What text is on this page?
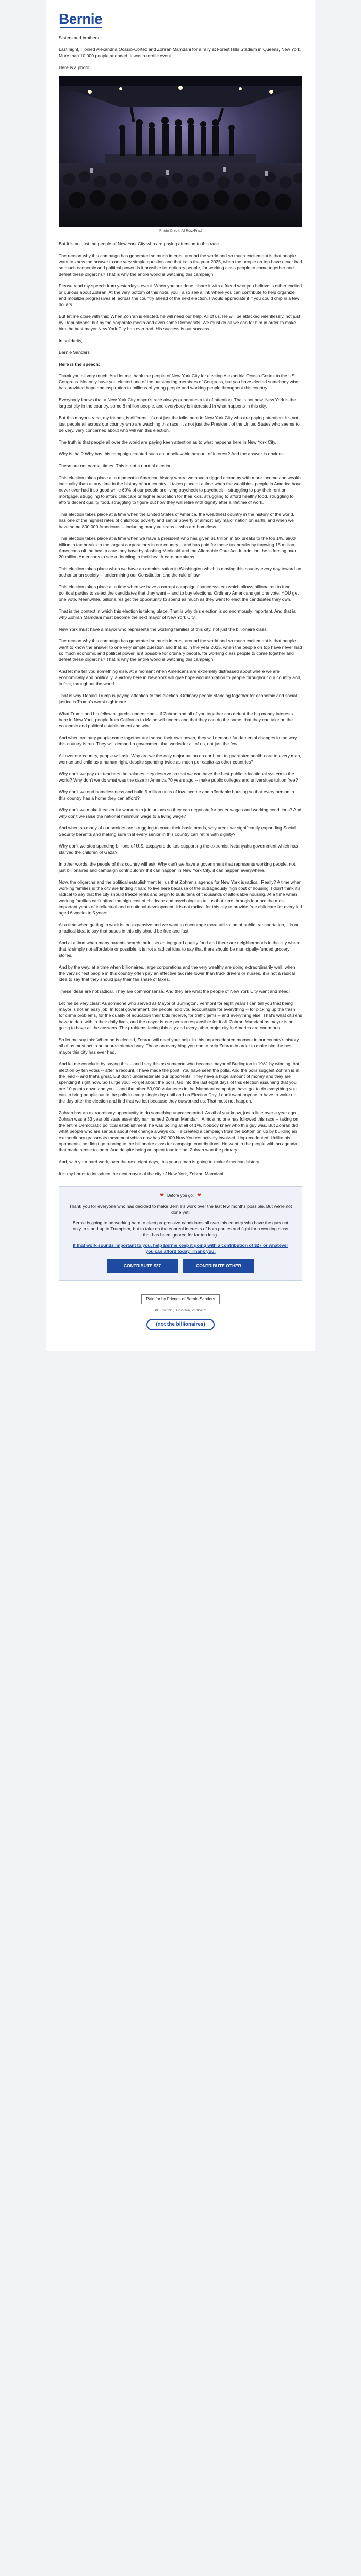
Bernie

Sisters and brothers -

Last night, I joined Alexandria Ocasio-Cortez and Zohran Mamdani for a rally at Forest Hills Stadium in Queens, New York. More than 10,000 people attended. It was a terrific event.

Here is a photo:

Photo Credit: AI Ruiz-Frad

But it is not just the people of New York City who are paying attention to this race.

The reason why this campaign has generated so much interest around the world and so much excitement is that people want to know the answer to one very simple question and that is: In the year 2025, when the people on top have never had so much economic and political power, is it possible for ordinary people, for working class people to come together and defeat these oligarchs? That is why the entire world is watching this campaign.

Please read my speech from yesterday's event. When you are done, share it with a friend who you believe is either excited or curious about Zohran. At the very bottom of this note, you'll also see a link where you can contribute to help organize and mobilize progressives all across the country ahead of the next election. I would appreciate it if you could chip in a few dollars.

But let me close with this: When Zohran is elected, he will need our help. All of us. He will be attacked relentlessly, not just by Republicans, but by the corporate media and even some Democrats. We must do all we can for him in order to make him the best mayor New York City has ever had. His success is our success.

In solidarity,

Bernie Sanders

Here is the speech:

Thank you all very much. And let me thank the people of New York City for electing Alexandria Ocasio-Cortez to the US Congress. Not only have you elected one of the outstanding members of Congress, but you have elected somebody who has provided hope and inspiration to millions of young people and working people throughout this country.

Everybody knows that a New York City mayor's race always generates a lot of attention. That's not new. New York is the largest city in the country, some 8 million people, and everybody is interested in what happens in this city.

But this mayor's race, my friends, is different. It's not just the folks here in New York City who are paying attention. It's not just people all across our country who are watching this race. It's not just the President of the United States who seems to be very, very concerned about who will win this election.

The truth is that people all over the world are paying keen attention as to what happens here in New York City.

Why is that? Why has this campaign created such an unbelievable amount of interest? And the answer is obvious.

These are not normal times. This is not a normal election.

This election takes place at a moment in American history where we have a rigged economy with more income and wealth inequality than at any time in the history of our country. It takes place at a time when the wealthiest people in America have never ever had it so good while 60% of our people are living paycheck to paycheck -- struggling to pay their rent or mortgage, struggling to afford childcare or higher education for their kids, struggling to afford healthy food, struggling to afford decent quality food, struggling to figure out how they will retire with dignity after a lifetime of work.

This election takes place at a time when the United States of America, the wealthiest country in the history of the world, has one of the highest rates of childhood poverty and senior poverty of almost any major nation on earth, and when we have some 800,000 Americans -- including many veterans -- who are homeless.

This election takes place at a time when we have a president who has given $1 trillion in tax breaks to the top 1%, $900 billion in tax breaks to the largest corporations in our country -- and has paid for these tax breaks by throwing 15 million Americans off the health care they have by slashing Medicaid and the Affordable Care Act. In addition, he is forcing over 20 million Americans to see a doubling in their health care premiums.

This election takes place when we have an administration in Washington which is moving this country every day toward an authoritarian society -- undermining our Constitution and the rule of law.

This election takes place at a time when we have a corrupt campaign finance system which allows billionaires to fund political parties to select the candidates that they want -- and to buy elections. Ordinary Americans get one vote. YOU get one vote. Meanwhile, billionaires get the opportunity to spend as much as they want to elect the candidates they own.

That is the context in which this election is taking place. That is why this election is so enormously important. And that is why Zohran Mamdani must become the next mayor of New York City.

New York must have a mayor who represents the working families of this city, not just the billionaire class.

The reason why this campaign has generated so much interest around the world and so much excitement is that people want to know the answer to one very simple question and that is: In the year 2025, when the people on top have never had so much economic and political power, is it possible for ordinary people, for working class people to come together and defeat these oligarchs? That is why the entire world is watching this campaign.

And let me tell you something else. At a moment when Americans are extremely distressed about where we are economically and politically, a victory here in New York will give hope and inspiration to people throughout our country and, in fact, throughout the world.

That is why Donald Trump is paying attention to this election. Ordinary people standing together for economic and social justice is Trump's worst nightmare.

What Trump and his fellow oligarchs understand -- if Zohran and all of you together can defeat the big money interests here in New York, people from California to Maine will understand that they can do the same, that they can take on the economic and political establishment and win.

And when ordinary people come together and sense their own power, they will demand fundamental changes in the way this country is run. They will demand a government that works for all of us, not just the few.

All over our country, people will ask: Why are we the only major nation on earth not to guarantee health care to every man, woman and child as a human right, despite spending twice as much per capita as other countries?

Why don't we pay our teachers the salaries they deserve so that we can have the best public educational system in the world? Why don't we do what was the case in America 70 years ago -- make public colleges and universities tuition free?

Why don't we end homelessness and build 5 million units of low-income and affordable housing so that every person in this country has a home they can afford?

Why don't we make it easier for workers to join unions so they can negotiate for better wages and working conditions? And why don't we raise the national minimum wage to a living wage?

And when so many of our seniors are struggling to cover their basic needs, why aren't we significantly expanding Social Security benefits and making sure that every senior in this country can retire with dignity?

Why don't we stop spending billions of U.S. taxpayers dollars supporting the extremist Netanyahu government which has starved the children of Gaza?

In other words, the people of this country will ask: Why can't we have a government that represents working people, not just billionaires and campaign contributors? If it can happen in New York City, it can happen everywhere.

Now, the oligarchs and the political establishment tell us that Zohran's agenda for New York is radical. Really? A time when working families in the city are finding it hard to live here because of the outrageously high cost of housing, I don't think it's radical to say that the city should freeze rents and begin to build tens of thousands of affordable housing. At a time when working families can't afford the high cost of childcare and psychologists tell us that zero through four are the most important years of intellectual and emotional development, it is not radical for this city to provide free childcare for every kid aged 6 weeks to 5 years.

At a time when getting to work is too expensive and we want to encourage more utilization of public transportation, it is not a radical idea to say that buses in this city should be free and fast.

And at a time when many parents search their lists eating good quality food and there are neighborhoods in the city where that is simply not affordable or possible, it is not a radical idea to say that there should be municipally-funded grocery stores.

And by the way, at a time when billionaires, large corporations and the very wealthy are doing extraordinarily well, when the very richest people in this country often pay an effective tax rate lower than truck drivers or nurses, it is not a radical idea to say that they should pay their fair share of taxes.

These ideas are not radical. They are commonsense. And they are what the people of New York City want and need!

Let me be very clear: As someone who served as Mayor of Burlington, Vermont for eight years I can tell you that being mayor is not an easy job. In local government, the people hold you accountable for everything -- for picking up the trash, for crime problems, for the quality of education their kids receive, for traffic jams -- and everything else. That's what citizens have to deal with in their daily lives, and the mayor is one person responsible for it all. Zohran Mamdani as mayor is not going to have all the answers. The problems facing this city and every other major city in America are enormous.

So let me say this: When he is elected, Zohran will need your help. In this unprecedented moment in our country's history, all of us must act in an unprecedented way. Those on everything you can to help Zohran in order to make him the best mayor this city has ever had.

And let me conclude by saying this -- and I say this as someone who became mayor of Burlington in 1981 by winning that election by ten votes -- after a recount. I have made the point. You have seen the polls. And the polls suggest Zohran is in the lead -- and that's great. But don't underestimate our opponents. They have a huge amount of money and they are spending it right now. So I urge you: Forget about the polls. Go into the last eight days of this election assuming that you are 10 points down and you -- and the other 80,000 volunteers in the Mamdani campaign, have got to do everything you can to bring people out to the polls in every single day until and on Election Day. I don't want anyone to have to wake up the day after the election and find that we lost because they outworked us. That must not happen.

Zohran has an extraordinary opportunity to do something unprecedented. As all of you know, just a little over a year ago Zohran was a 33 year old state assemblyman named Zohran Mamdani. Almost no one has followed this race -- taking on the entire Democratic political establishment, he was polling at all of 1%. Nobody knew who this guy was. But Zohran did what people who are serious about real change always do. He created a campaign from the bottom on up by building an extraordinary grassroots movement which now has 80,000 New Yorkers actively involved. Unprecedented! Unlike his opponents, he didn't go running to the billionaire class for campaign contributions. He went to the people with an agenda that made sense to them. And despite being outspent four to one, Zohran won the primary.

And, with your hard work, over the next eight days, this young man is going to make American history.

It is my honor to introduce the next mayor of the city of New York, Zohran Mamdani.

❤ Before you go: ❤

Thank you for everyone who has decided to make Bernie's work over the last few months possible. But we're not done yet!

Bernie is going to be working hard to elect progressive candidates all over this country who have the guts not only to stand up to Trumpism, but to take on the ennreal interests of both parties and fight for a working class that has been ignored for far too long.

If that work sounds important to you, help Bernie keep it going with a contribution of $27 or whatever you can afford today. Thank you.

CONTRIBUTE $27	CONTRIBUTE OTHER
Paid for by Friends of Bernie Sanders
PO Box 391, Burlington, VT 05402
(not the billionaires)
